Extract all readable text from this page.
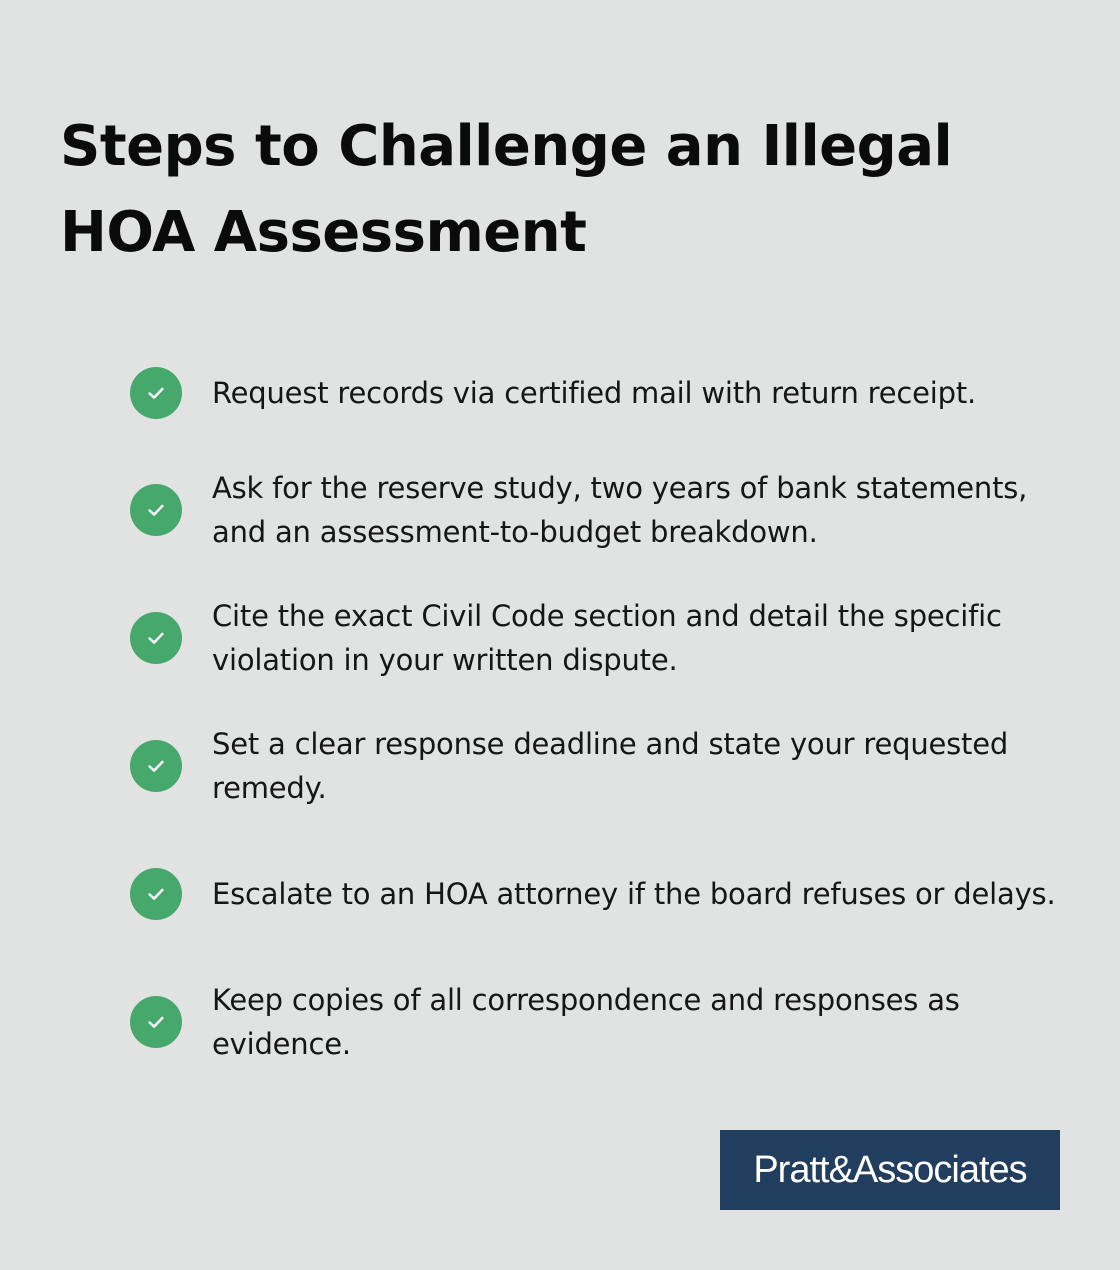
Steps to Challenge an Illegal HOA Assessment
Request records via certified mail with return receipt.
Ask for the reserve study, two years of bank statements, and an assessment-to-budget breakdown.
Cite the exact Civil Code section and detail the specific violation in your written dispute.
Set a clear response deadline and state your requested remedy.
Escalate to an HOA attorney if the board refuses or delays.
Keep copies of all correspondence and responses as evidence.
Pratt&Associates
